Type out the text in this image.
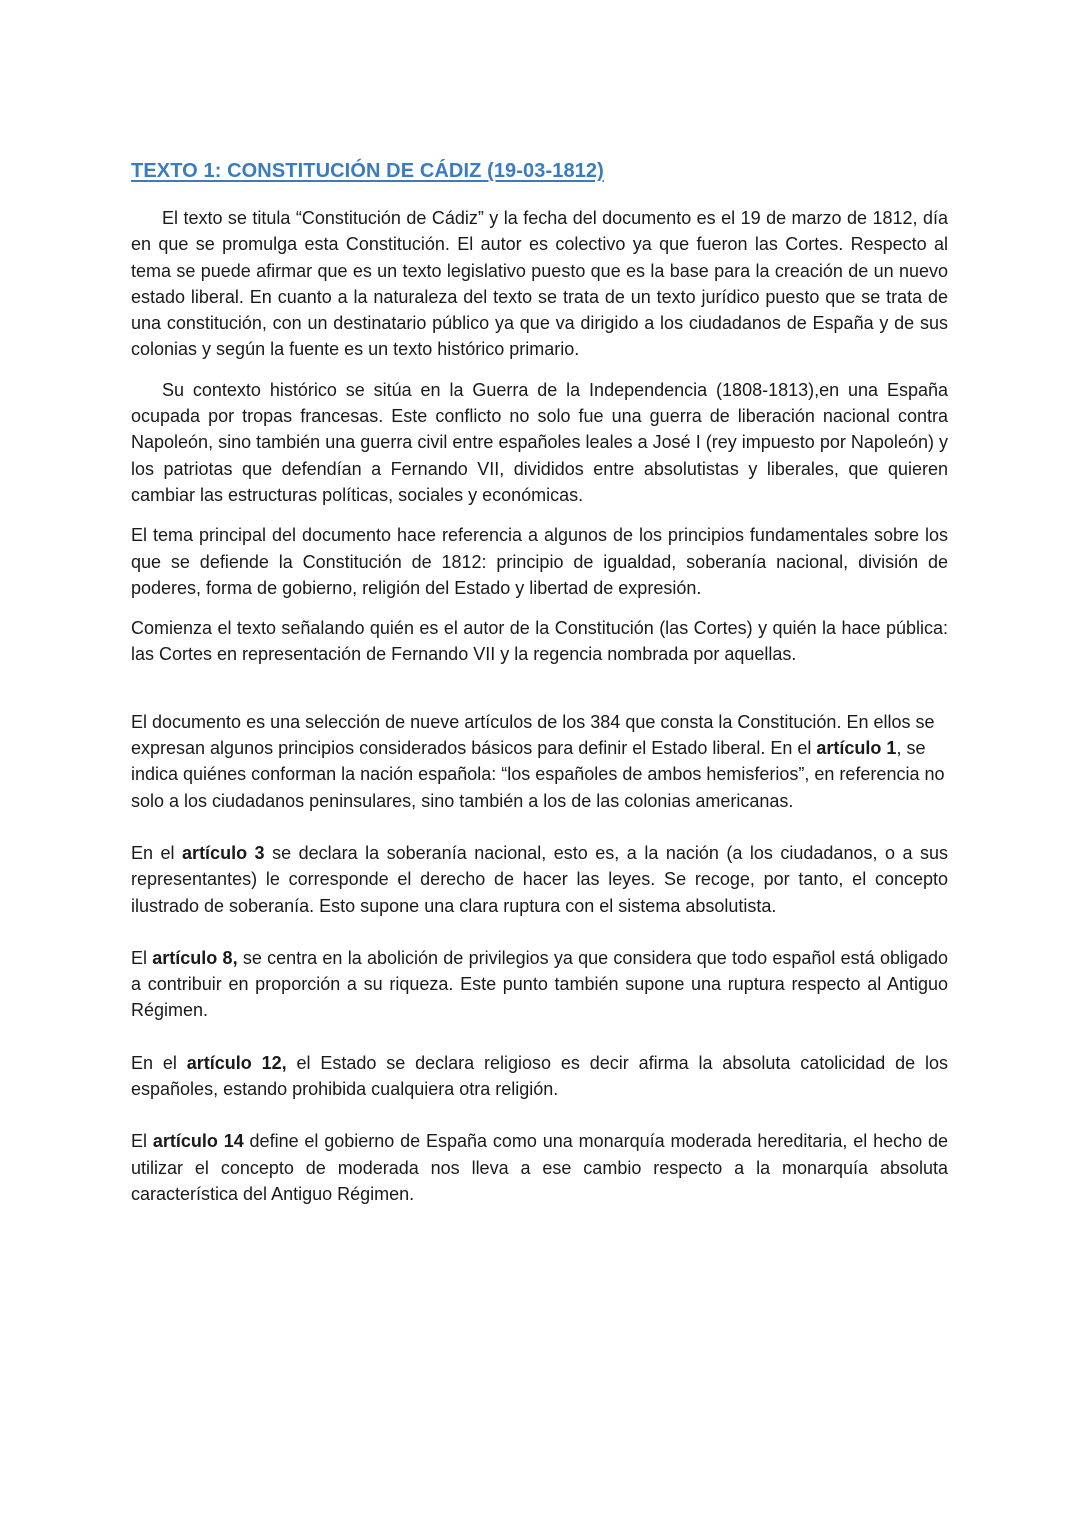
TEXTO 1: CONSTITUCIÓN DE CÁDIZ (19-03-1812)

El texto se titula “Constitución de Cádiz” y la fecha del documento es el 19 de marzo de 1812, día en que se promulga esta Constitución. El autor es colectivo ya que fueron las Cortes. Respecto al tema se puede afirmar que es un texto legislativo puesto que es la base para la creación de un nuevo estado liberal. En cuanto a la naturaleza del texto se trata de un texto jurídico puesto que se trata de una constitución, con un destinatario público ya que va dirigido a los ciudadanos de España y de sus colonias y según la fuente es un texto histórico primario.

Su contexto histórico se sitúa en la Guerra de la Independencia (1808-1813),en una España ocupada por tropas francesas. Este conflicto no solo fue una guerra de liberación nacional contra Napoleón, sino también una guerra civil entre españoles leales a José I (rey impuesto por Napoleón) y los patriotas que defendían a Fernando VII, divididos entre absolutistas y liberales, que quieren cambiar las estructuras políticas, sociales y económicas.

El tema principal del documento hace referencia a algunos de los principios fundamentales sobre los que se defiende la Constitución de 1812: principio de igualdad, soberanía nacional, división de poderes, forma de gobierno, religión del Estado y libertad de expresión.

Comienza el texto señalando quién es el autor de la Constitución (las Cortes) y quién la hace pública: las Cortes en representación de Fernando VII y la regencia nombrada por aquellas.

El documento es una selección de nueve artículos de los 384 que consta la Constitución. En ellos se expresan algunos principios considerados básicos para definir el Estado liberal. En el artículo 1, se indica quiénes conforman la nación española: “los españoles de ambos hemisferios”, en referencia no solo a los ciudadanos peninsulares, sino también a los de las colonias americanas.

En el artículo 3 se declara la soberanía nacional, esto es, a la nación (a los ciudadanos, o a sus representantes) le corresponde el derecho de hacer las leyes. Se recoge, por tanto, el concepto ilustrado de soberanía. Esto supone una clara ruptura con el sistema absolutista.

El artículo 8, se centra en la abolición de privilegios ya que considera que todo español está obligado a contribuir en proporción a su riqueza. Este punto también supone una ruptura respecto al Antiguo Régimen.

En el artículo 12, el Estado se declara religioso es decir afirma la absoluta catolicidad de los españoles, estando prohibida cualquiera otra religión.

El artículo 14 define el gobierno de España como una monarquía moderada hereditaria, el hecho de utilizar el concepto de moderada nos lleva a ese cambio respecto a la monarquía absoluta característica del Antiguo Régimen.
